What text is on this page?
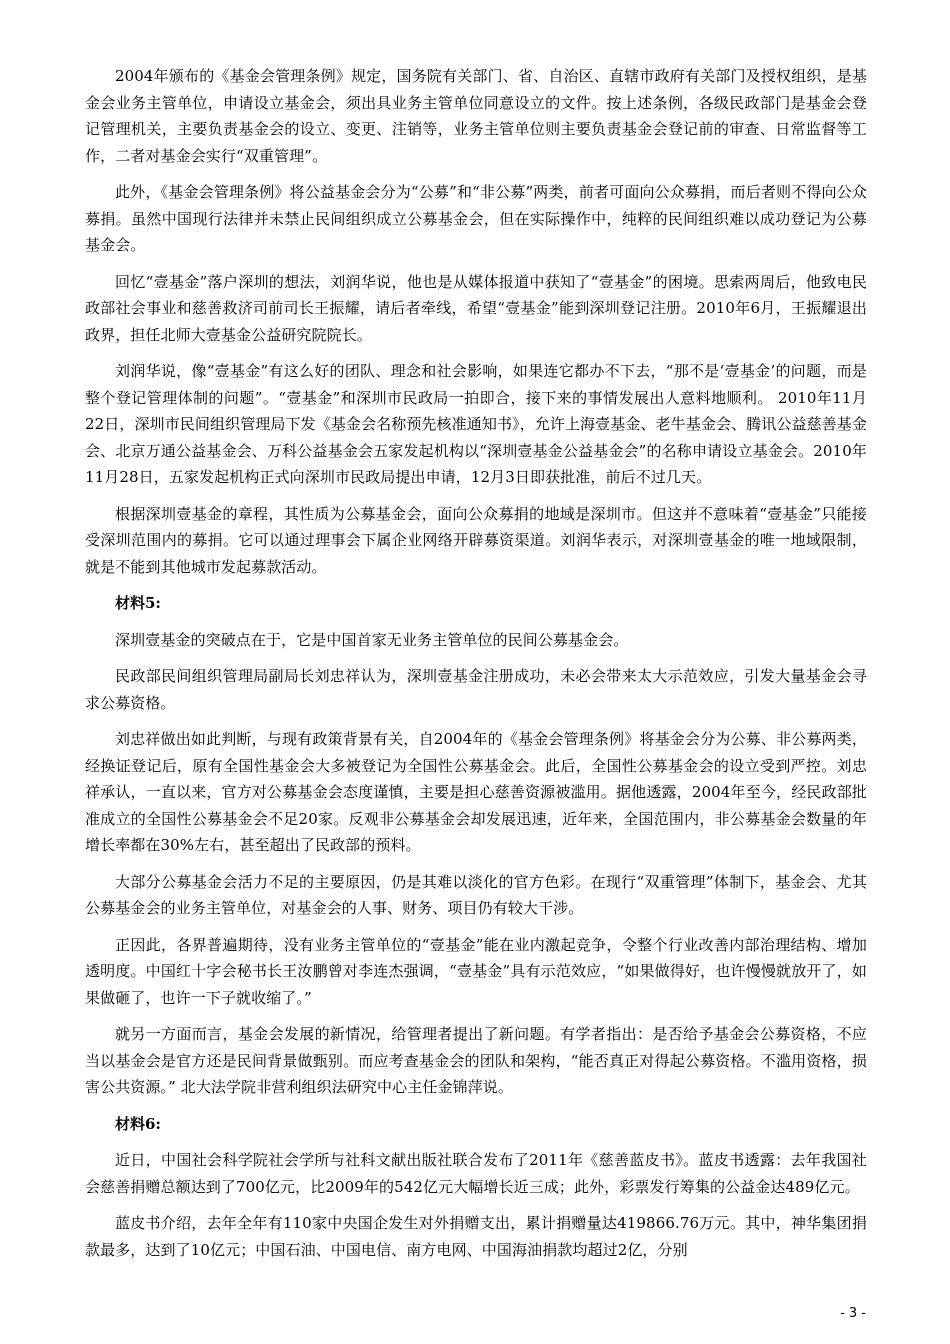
2004年颁布的《基金会管理条例》规定，国务院有关部门、省、自治区、直辖市政府有关部门及授权组织，是基金会业务主管单位，申请设立基金会，须出具业务主管单位同意设立的文件。按上述条例，各级民政部门是基金会登记管理机关，主要负责基金会的设立、变更、注销等，业务主管单位则主要负责基金会登记前的审查、日常监督等工作，二者对基金会实行“双重管理”。

此外，《基金会管理条例》将公益基金会分为“公募”和“非公募”两类，前者可面向公众募捐，而后者则不得向公众募捐。虽然中国现行法律并未禁止民间组织成立公募基金会，但在实际操作中，纯粹的民间组织难以成功登记为公募基金会。

回忆“壹基金”落户深圳的想法，刘润华说，他也是从媒体报道中获知了“壹基金”的困境。思索两周后，他致电民政部社会事业和慈善救济司前司长王振耀，请后者牵线，希望“壹基金”能到深圳登记注册。2010年6月，王振耀退出政界，担任北师大壹基金公益研究院院长。

刘润华说，像“壹基金”有这么好的团队、理念和社会影响，如果连它都办不下去，“那不是‘壹基金’的问题，而是整个登记管理体制的问题”。“壹基金”和深圳市民政局一拍即合，接下来的事情发展出人意料地顺利。 2010年11月22日，深圳市民间组织管理局下发《基金会名称预先核准通知书》，允许上海壹基金、老牛基金会、腾讯公益慈善基金会、北京万通公益基金会、万科公益基金会五家发起机构以“深圳壹基金公益基金会”的名称申请设立基金会。2010年 11月28日，五家发起机构正式向深圳市民政局提出申请，12月3日即获批准，前后不过几天。

根据深圳壹基金的章程，其性质为公募基金会，面向公众募捐的地域是深圳市。但这并不意味着“壹基金”只能接受深圳范围内的募捐。它可以通过理事会下属企业网络开辟募资渠道。刘润华表示，对深圳壹基金的唯一地域限制，就是不能到其他城市发起募款活动。

材料5:

深圳壹基金的突破点在于，它是中国首家无业务主管单位的民间公募基金会。

民政部民间组织管理局副局长刘忠祥认为，深圳壹基金注册成功，未必会带来太大示范效应，引发大量基金会寻求公募资格。

刘忠祥做出如此判断，与现有政策背景有关，自2004年的《基金会管理条例》将基金会分为公募、非公募两类，经换证登记后，原有全国性基金会大多被登记为全国性公募基金会。此后，全国性公募基金会的设立受到严控。刘忠祥承认，一直以来，官方对公募基金会态度谨慎，主要是担心慈善资源被滥用。据他透露，2004年至今，经民政部批准成立的全国性公募基金会不足20家。反观非公募基金会却发展迅速，近年来，全国范围内，非公募基金会数量的年增长率都在30%左右，甚至超出了民政部的预料。

大部分公募基金会活力不足的主要原因，仍是其难以淡化的官方色彩。在现行“双重管理”体制下，基金会、尤其公募基金会的业务主管单位，对基金会的人事、财务、项目仍有较大干涉。

正因此，各界普遍期待，没有业务主管单位的“壹基金”能在业内激起竞争，令整个行业改善内部治理结构、增加透明度。中国红十字会秘书长王汝鹏曾对李连杰强调，“壹基金”具有示范效应，“如果做得好，也许慢慢就放开了，如果做砸了，也许一下子就收缩了。”

就另一方面而言，基金会发展的新情况，给管理者提出了新问题。有学者指出：是否给予基金会公募资格，不应当以基金会是官方还是民间背景做甄别。而应考查基金会的团队和架构，“能否真正对得起公募资格。不滥用资格，损害公共资源。” 北大法学院非营利组织法研究中心主任金锦萍说。

材料6:

近日，中国社会科学院社会学所与社科文献出版社联合发布了2011年《慈善蓝皮书》。蓝皮书透露：去年我国社会慈善捐赠总额达到了700亿元，比2009年的542亿元大幅增长近三成；此外，彩票发行筹集的公益金达489亿元。

蓝皮书介绍，去年全年有110家中央国企发生对外捐赠支出，累计捐赠量达419866.76万元。其中，神华集团捐款最多，达到了10亿元；中国石油、中国电信、南方电网、中国海油捐款均超过2亿，分别

- 3 -
